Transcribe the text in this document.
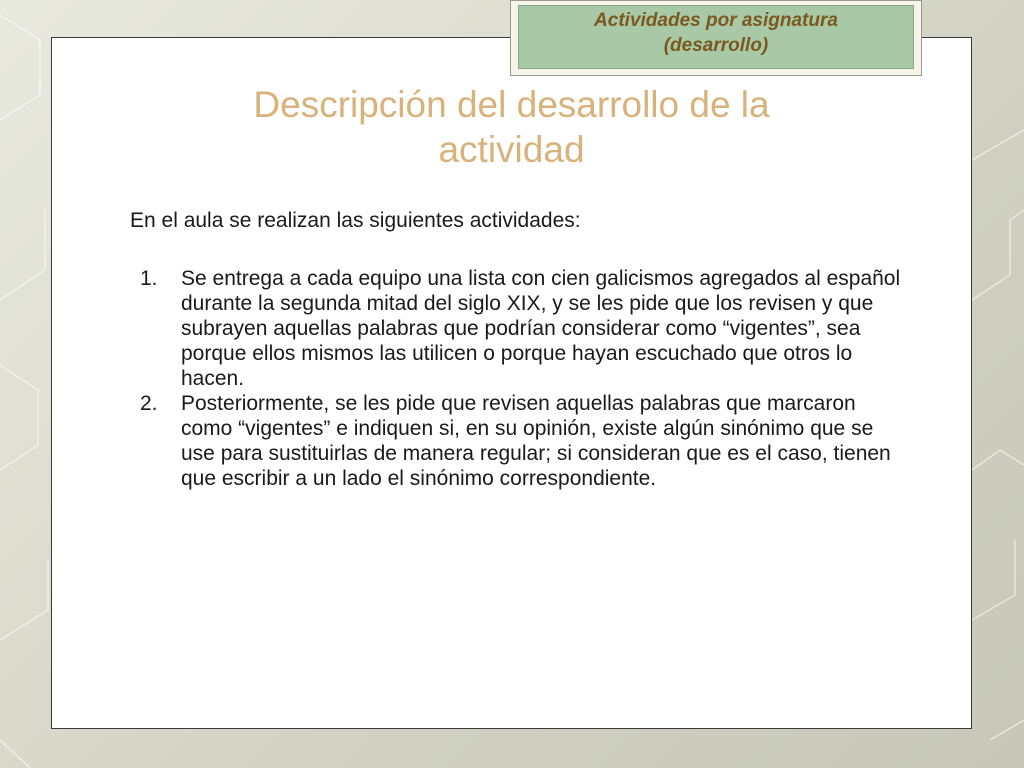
Actividades por asignatura
(desarrollo)
Descripción del desarrollo de la
actividad
En el aula se realizan las siguientes actividades:
1. Se entrega a cada equipo una lista con cien galicismos agregados al español durante la segunda mitad del siglo XIX, y se les pide que los revisen y que subrayen aquellas palabras que podrían considerar como “vigentes”, sea porque ellos mismos las utilicen o porque hayan escuchado que otros lo hacen.
2. Posteriormente, se les pide que revisen aquellas palabras que marcaron como “vigentes” e indiquen si, en su opinión, existe algún sinónimo que se use para sustituirlas de manera regular; si consideran que es el caso, tienen que escribir a un lado el sinónimo correspondiente.
